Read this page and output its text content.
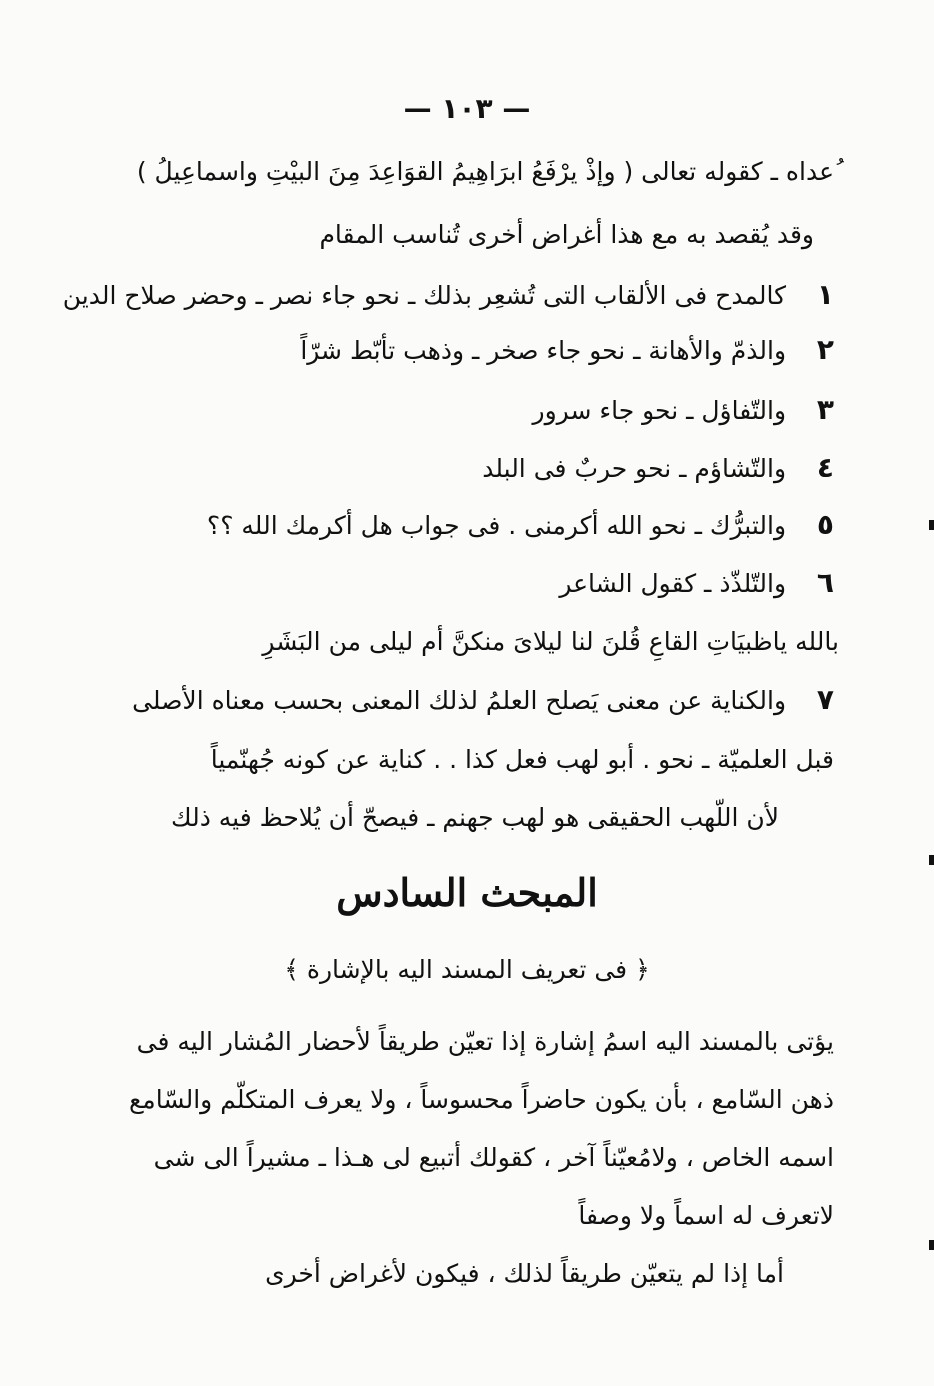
— ١٠٣ —
ُعداه ـ كقوله تعالى ( وإذْ يرْفَعُ ابرَاهِيمُ القوَاعِدَ مِنَ البيْتِ واسماعِيلُ )
وقد يُقصد به مع هذا أغراض أخرى تُناسب المقام
١ كالمدح فى الألقاب التى تُشعِر بذلك ـ نحو جاء نصر ـ وحضر صلاح الدين
٢ والذمّ والأهانة ـ نحو جاء صخر ـ وذهب تأبّط شرّاً
٣ والتّفاؤل ـ نحو جاء سرور
٤ والتّشاؤم ـ نحو حربٌ فى البلد
٥ والتبرُّك ـ نحو الله أكرمنى . فى جواب هل أكرمك الله ؟؟
٦ والتّلذّذ ـ كقول الشاعر
بالله ياظبيَاتِ القاعِ قُلنَ لنا ليلاىَ منكنَّ أم ليلى من البَشَرِ
٧ والكناية عن معنى يَصلح العلمُ لذلك المعنى بحسب معناه الأصلى
قبل العلميّة ـ نحو . أبو لهب فعل كذا . . كناية عن كونه جُهنّمياً
لأن اللّهب الحقيقى هو لهب جهنم ـ فيصحّ أن يُلاحظ فيه ذلك
المبحث السادس
﴿ فى تعريف المسند اليه بالإشارة ﴾
يؤتى بالمسند اليه اسمُ إشارة إذا تعيّن طريقاً لأحضار المُشار اليه فى
ذهن السّامع ، بأن يكون حاضراً محسوساً ، ولا يعرف المتكلّم والسّامع
اسمه الخاص ، ولامُعيّناً آخر ، كقولك أتبيع لى هـذا ـ مشيراً الى شى
لاتعرف له اسماً ولا وصفاً
أما إذا لم يتعيّن طريقاً لذلك ، فيكون لأغراض أخرى
